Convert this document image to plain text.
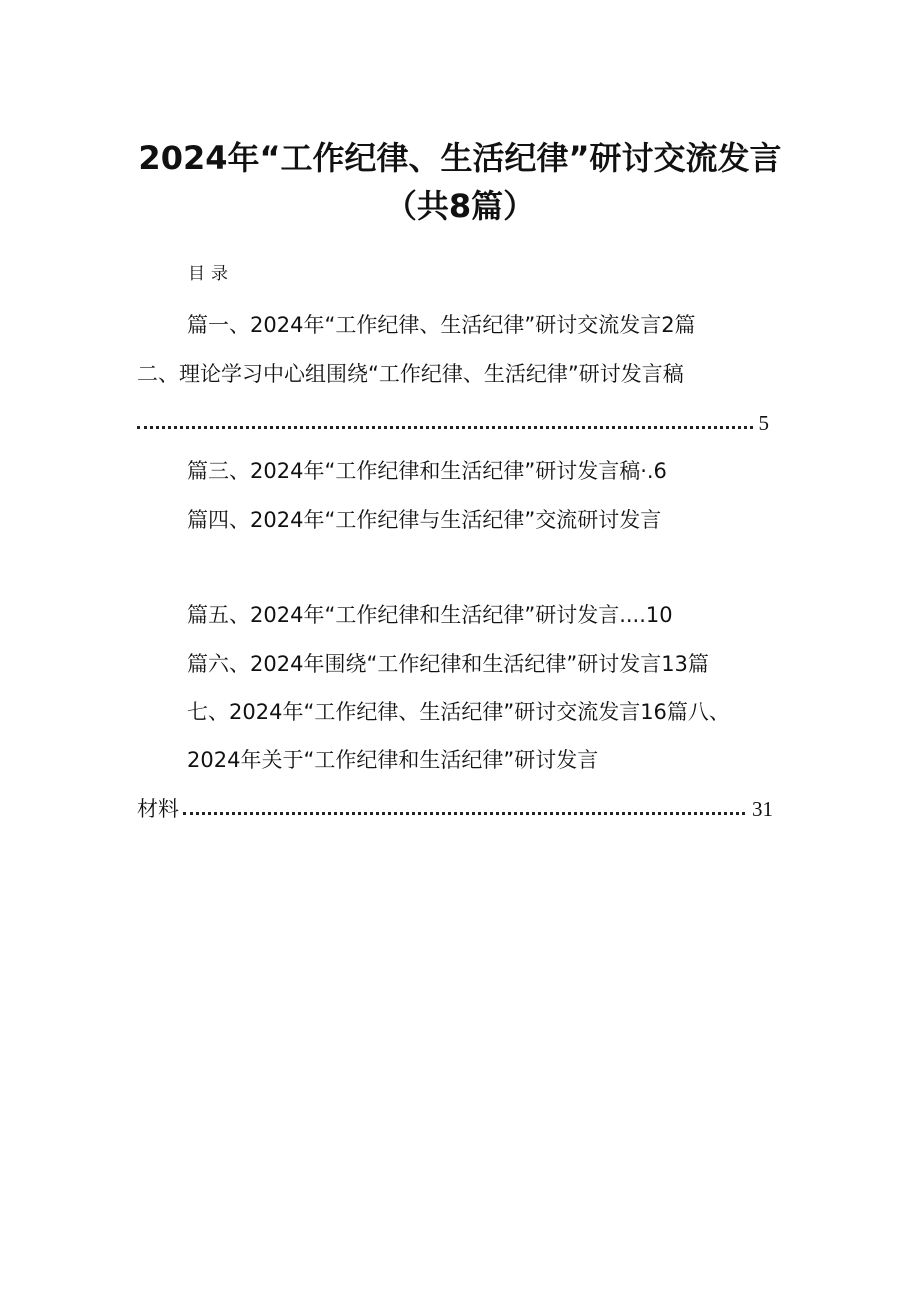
2024年“工作纪律、生活纪律”研讨交流发言
（共8篇）
目录
篇一、2024年“工作纪律、生活纪律”研讨交流发言2篇
二、理论学习中心组围绕“工作纪律、生活纪律”研讨发言稿
5
篇三、2024年“工作纪律和生活纪律”研讨发言稿·.6
篇四、2024年“工作纪律与生活纪律”交流研讨发言
篇五、2024年“工作纪律和生活纪律”研讨发言....10
篇六、2024年围绕“工作纪律和生活纪律”研讨发言13篇
七、2024年“工作纪律、生活纪律”研讨交流发言16篇八、
2024年关于“工作纪律和生活纪律”研讨发言
材料	31
